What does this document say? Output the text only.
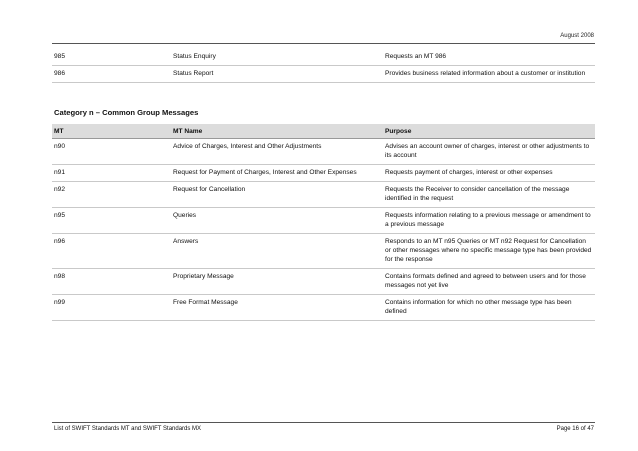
August 2008
985	Status Enquiry	Requests an MT 986
986	Status Report	Provides business related information about a customer or institution
Category n – Common Group Messages
MT	MT Name	Purpose
n90	Advice of Charges, Interest and Other Adjustments	Advises an account owner of charges, interest or other adjustments to its account
n91	Request for Payment of Charges, Interest and Other Expenses	Requests payment of charges, interest or other expenses
n92	Request for Cancellation	Requests the Receiver to consider cancellation of the message identified in the request
n95	Queries	Requests information relating to a previous message or amendment to a previous message
n96	Answers	Responds to an MT n95 Queries or MT n92 Request for Cancellation or other messages where no specific message type has been provided for the response
n98	Proprietary Message	Contains formats defined and agreed to between users and for those messages not yet live
n99	Free Format Message	Contains information for which no other message type has been defined
List of SWIFT Standards MT and SWIFT Standards MX	Page 16 of 47
